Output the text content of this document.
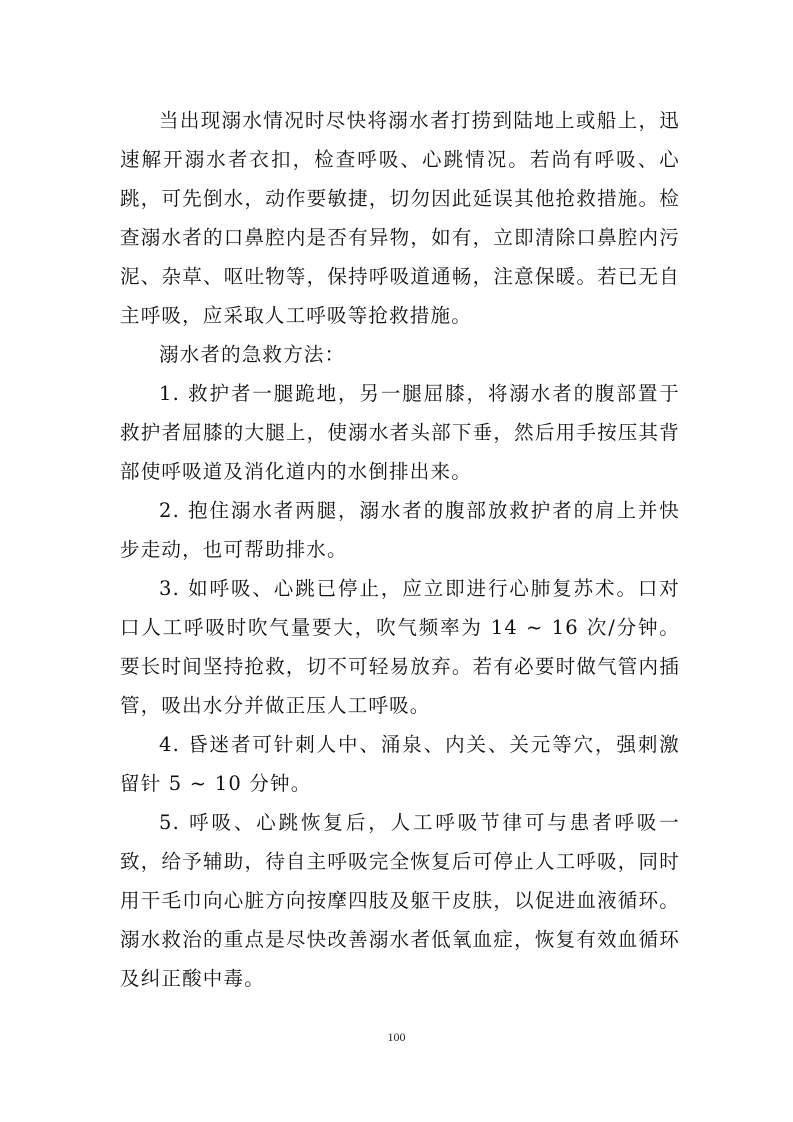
当出现溺水情况时尽快将溺水者打捞到陆地上或船上，迅速解开溺水者衣扣，检查呼吸、心跳情况。若尚有呼吸、心跳，可先倒水，动作要敏捷，切勿因此延误其他抢救措施。检查溺水者的口鼻腔内是否有异物，如有，立即清除口鼻腔内污泥、杂草、呕吐物等，保持呼吸道通畅，注意保暖。若已无自主呼吸，应采取人工呼吸等抢救措施。

溺水者的急救方法：

1. 救护者一腿跪地，另一腿屈膝，将溺水者的腹部置于救护者屈膝的大腿上，使溺水者头部下垂，然后用手按压其背部使呼吸道及消化道内的水倒排出来。

2. 抱住溺水者两腿，溺水者的腹部放救护者的肩上并快步走动，也可帮助排水。

3. 如呼吸、心跳已停止，应立即进行心肺复苏术。口对口人工呼吸时吹气量要大，吹气频率为 14 ~ 16 次/分钟。要长时间坚持抢救，切不可轻易放弃。若有必要时做气管内插管，吸出水分并做正压人工呼吸。

4. 昏迷者可针刺人中、涌泉、内关、关元等穴，强刺激留针 5 ~ 10 分钟。

5. 呼吸、心跳恢复后，人工呼吸节律可与患者呼吸一致，给予辅助，待自主呼吸完全恢复后可停止人工呼吸，同时用干毛巾向心脏方向按摩四肢及躯干皮肤，以促进血液循环。溺水救治的重点是尽快改善溺水者低氧血症，恢复有效血循环及纠正酸中毒。

100
